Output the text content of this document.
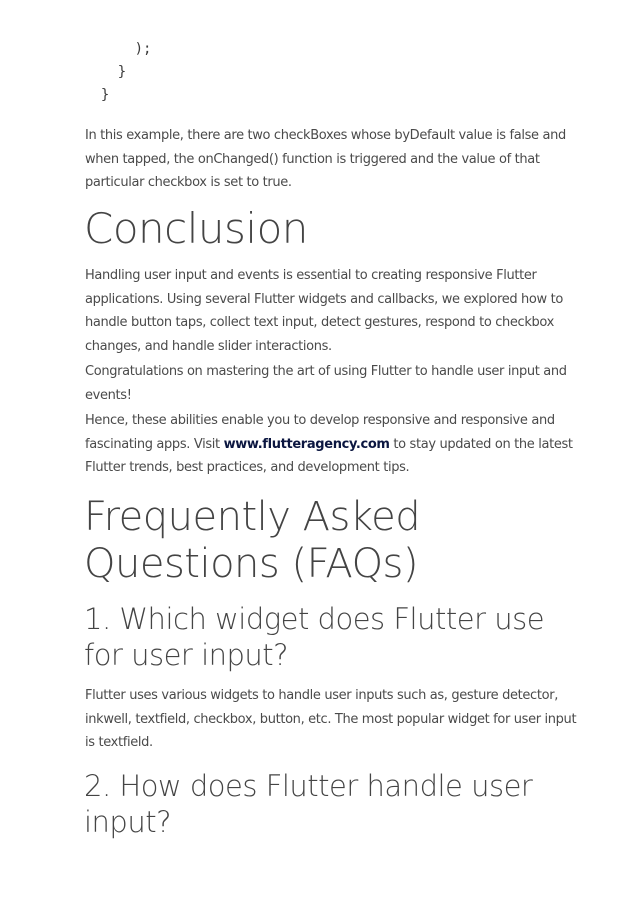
);
}
}

In this example, there are two checkBoxes whose byDefault value is false and when tapped, the onChanged() function is triggered and the value of that particular checkbox is set to true.

Conclusion

Handling user input and events is essential to creating responsive Flutter applications. Using several Flutter widgets and callbacks, we explored how to handle button taps, collect text input, detect gestures, respond to checkbox changes, and handle slider interactions.

Congratulations on mastering the art of using Flutter to handle user input and events!

Hence, these abilities enable you to develop responsive and responsive and fascinating apps. Visit www.flutteragency.com to stay updated on the latest Flutter trends, best practices, and development tips.

Frequently Asked Questions (FAQs)
1. Which widget does Flutter use for user input?

Flutter uses various widgets to handle user inputs such as, gesture detector, inkwell, textfield, checkbox, button, etc. The most popular widget for user input is textfield.

2. How does Flutter handle user input?
